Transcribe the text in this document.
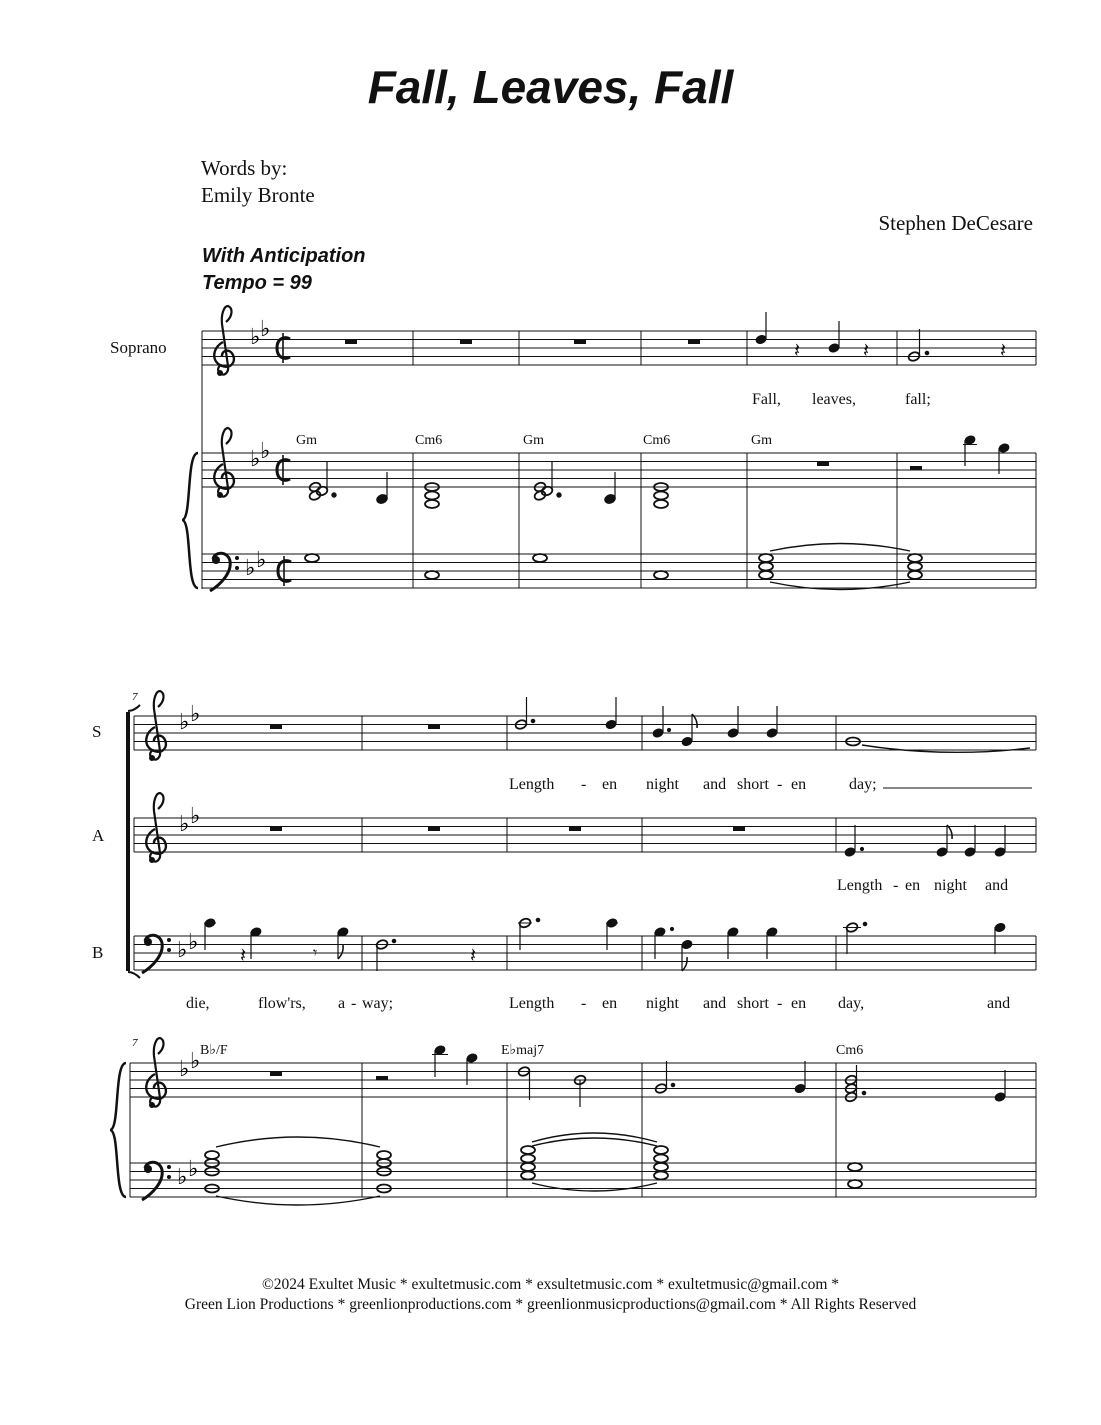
Fall, Leaves, Fall
Words by:
Emily Bronte
Stephen DeCesare
With Anticipation
Tempo = 99
Soprano
S
A
B
♭ ♭
𝄽	𝄽	𝄽
Fall, leaves,	fall;
Gm	Cm6	Gm	Cm6	Gm
♭ ♭
♭ ♭
7
♭ ♭
Length - en night and short - en	day;
♭ ♭
Length - en night and
♭ ♭
𝄽	𝄾	𝄽
die,	flow'rs, a - way;	Length - en night and short - en day,	and
7	B♭/F	E♭maj7	Cm6
♭ ♭
♭ ♭
©2024 Exultet Music * exultetmusic.com * exsultetmusic.com * exultetmusic@gmail.com *
Green Lion Productions * greenlionproductions.com * greenlionmusicproductions@gmail.com * All Rights Reserved
